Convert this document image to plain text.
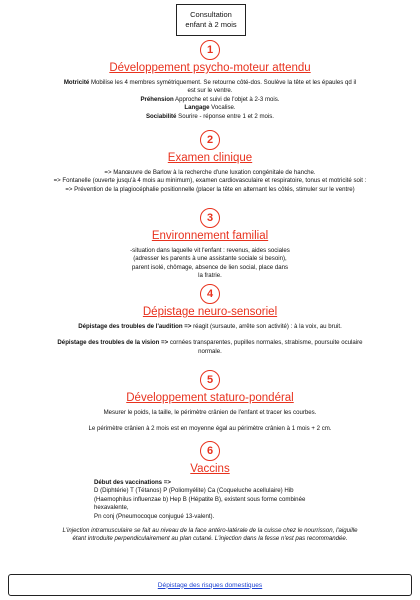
Consultation
enfant à 2 mois
1
Développement psycho-moteur attendu
Motricité Mobilise les 4 membres symétriquement. Se retourne côté-dos. Soulève la tête et les épaules qd il
est sur le ventre.
Préhension Approche et suivi de l'objet à 2-3 mois.
Langage Vocalise.
Sociabilité Sourire - réponse entre 1 et 2 mois.
2
Examen clinique
=> Manœuvre de Barlow à la recherche d'une luxation congénitale de hanche.
=> Fontanelle (ouverte jusqu'à 4 mois au minimum), examen cardiovasculaire et respiratoire, tonus et motricité soit :
=> Prévention de la plagiocéphalie positionnelle (placer la tête en alternant les côtés, stimuler sur le ventre)
3
Environnement familial
-situation dans laquelle vit l'enfant : revenus, aides sociales
(adresser les parents à une assistante sociale si besoin),
parent isolé, chômage, absence de lien social, place dans
la fratrie.
4
Dépistage neuro-sensoriel
Dépistage des troubles de l'audition => réagit (sursaute, arrête son activité) : à la voix, au bruit.
Dépistage des troubles de la vision => cornées transparentes, pupilles normales, strabisme, poursuite oculaire
normale.
5
Développement staturo-pondéral
Mesurer le poids, la taille, le périmètre crânien de l'enfant et tracer les courbes.
Le périmètre crânien à 2 mois est en moyenne égal au périmètre crânien à 1 mois + 2 cm.
6
Vaccins
Début des vaccinations =>
D (Diphtérie) T (Tétanos) P (Poliomyélite) Ca (Coqueluche acellulaire) Hib
(Haemophilus influenzae b) Hep B (Hépatite B), existent sous forme combinée
hexavalente,
Pn conj (Pneumocoque conjugué 13-valent).
L'injection intramusculaire se fait au niveau de la face antéro-latérale de la cuisse chez le nourrisson, l'aiguille
étant introduite perpendiculairement au plan cutané. L'injection dans la fesse n'est pas recommandée.
Dépistage des risques domestiques
